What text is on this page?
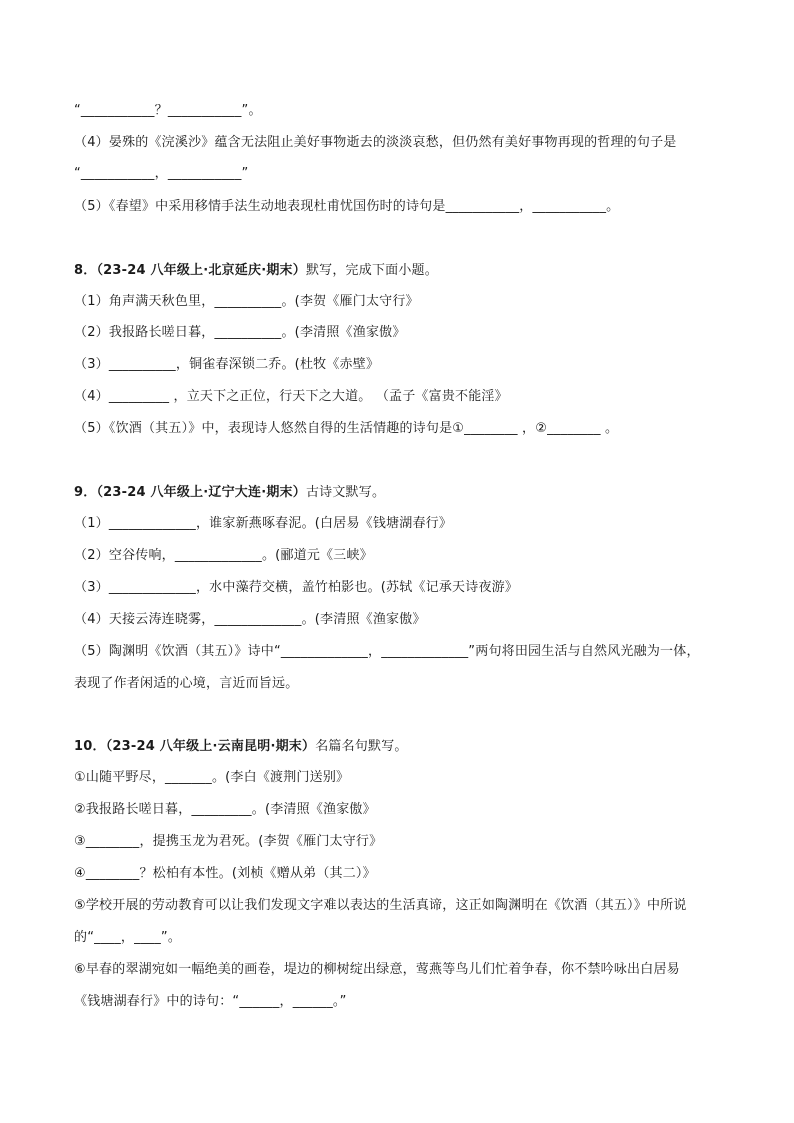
“___________？___________”。
（4）晏殊的《浣溪沙》蕴含无法阻止美好事物逝去的淡淡哀愁，但仍然有美好事物再现的哲理的句子是
“___________，___________”
（5）《春望》中采用移情手法生动地表现杜甫忧国伤时的诗句是___________，___________。
8．（23-24 八年级上·北京延庆·期末）默写，完成下面小题。
（1）角声满天秋色里，__________。(李贺《雁门太守行》
（2）我报路长嗟日暮，__________。(李清照《渔家傲》
（3）__________，铜雀春深锁二乔。(杜牧《赤壁》
（4）_________ ，立天下之正位，行天下之大道。 （孟子《富贵不能淫》
（5）《饮酒（其五）》中，表现诗人悠然自得的生活情趣的诗句是①________ ，②________ 。
9．（23-24 八年级上·辽宁大连·期末）古诗文默写。
（1）_____________，谁家新燕啄春泥。(白居易《钱塘湖春行》
（2）空谷传响，_____________。(郦道元《三峡》
（3）_____________，水中藻荇交横，盖竹柏影也。(苏轼《记承天诗夜游》
（4）天接云涛连晓雾，_____________。(李清照《渔家傲》
（5）陶渊明《饮酒（其五）》诗中“_____________，_____________”两句将田园生活与自然风光融为一体，
表现了作者闲适的心境，言近而旨远。
10．（23-24 八年级上·云南昆明·期末）名篇名句默写。
①山随平野尽，_______。(李白《渡荆门送别》
②我报路长嗟日暮，_________。(李清照《渔家傲》
③________，提携玉龙为君死。(李贺《雁门太守行》
④________？松柏有本性。(刘桢《赠从弟（其二）》
⑤学校开展的劳动教育可以让我们发现文字难以表达的生活真谛，这正如陶渊明在《饮酒（其五）》中所说
的“____，____”。
⑥早春的翠湖宛如一幅绝美的画卷，堤边的柳树绽出绿意，莺燕等鸟儿们忙着争春，你不禁吟咏出白居易
《钱塘湖春行》中的诗句：“______，______。”
